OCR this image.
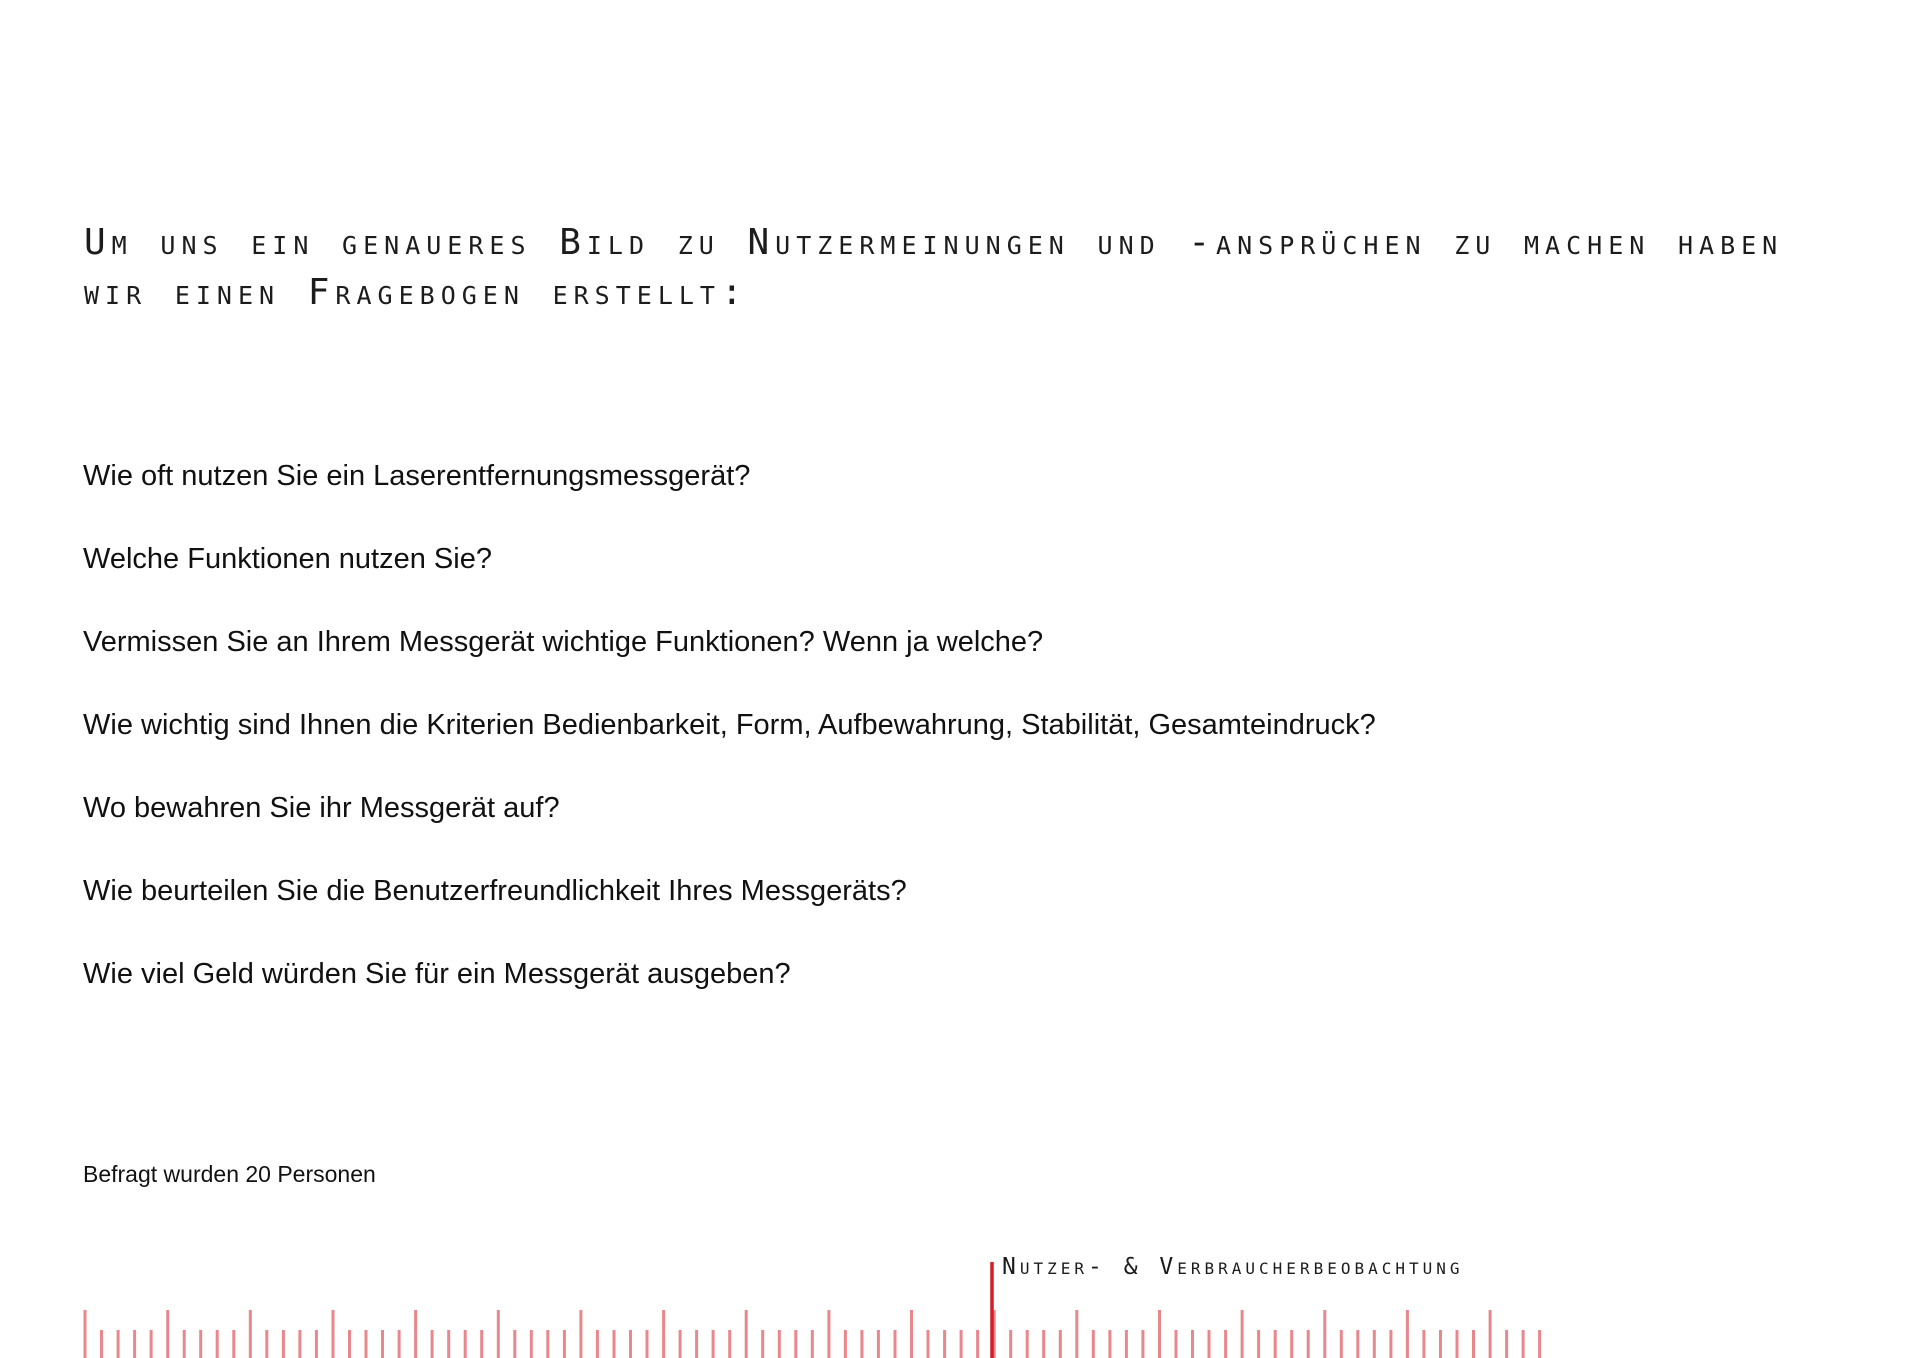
Um uns ein genaueres Bild zu Nutzermeinungen und -ansprüchen zu machen haben wir einen Fragebogen erstellt:
Wie oft nutzen Sie ein Laserentfernungsmessgerät?
Welche Funktionen nutzen Sie?
Vermissen Sie an Ihrem Messgerät wichtige Funktionen? Wenn ja welche?
Wie wichtig sind Ihnen die Kriterien Bedienbarkeit, Form, Aufbewahrung, Stabilität, Gesamteindruck?
Wo bewahren Sie ihr Messgerät auf?
Wie beurteilen Sie die Benutzerfreundlichkeit Ihres Messgeräts?
Wie viel Geld würden Sie für ein Messgerät ausgeben?

Befragt wurden 20 Personen

Nutzer- & Verbraucherbeobachtung
